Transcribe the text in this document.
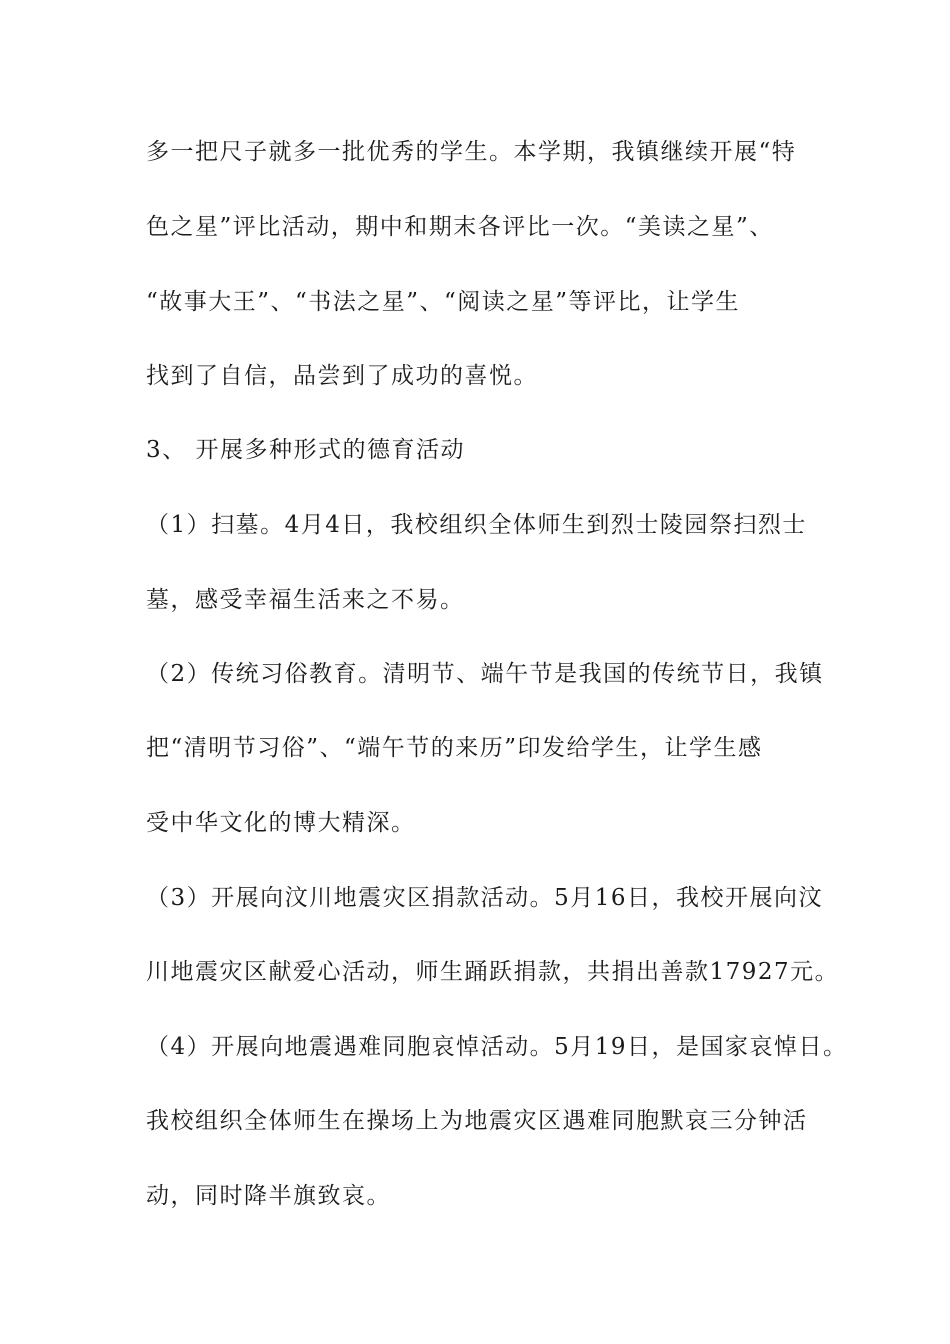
多一把尺子就多一批优秀的学生。本学期，我镇继续开展“特
色之星”评比活动，期中和期末各评比一次。“美读之星”、
“故事大王”、“书法之星”、“阅读之星”等评比，让学生
找到了自信，品尝到了成功的喜悦。
3、 开展多种形式的德育活动
（1）扫墓。4月4日，我校组织全体师生到烈士陵园祭扫烈士
墓，感受幸福生活来之不易。
（2）传统习俗教育。清明节、端午节是我国的传统节日，我镇
把“清明节习俗”、“端午节的来历”印发给学生，让学生感
受中华文化的博大精深。
（3）开展向汶川地震灾区捐款活动。5月16日，我校开展向汶
川地震灾区献爱心活动，师生踊跃捐款，共捐出善款17927元。
（4）开展向地震遇难同胞哀悼活动。5月19日，是国家哀悼日。
我校组织全体师生在操场上为地震灾区遇难同胞默哀三分钟活
动，同时降半旗致哀。
